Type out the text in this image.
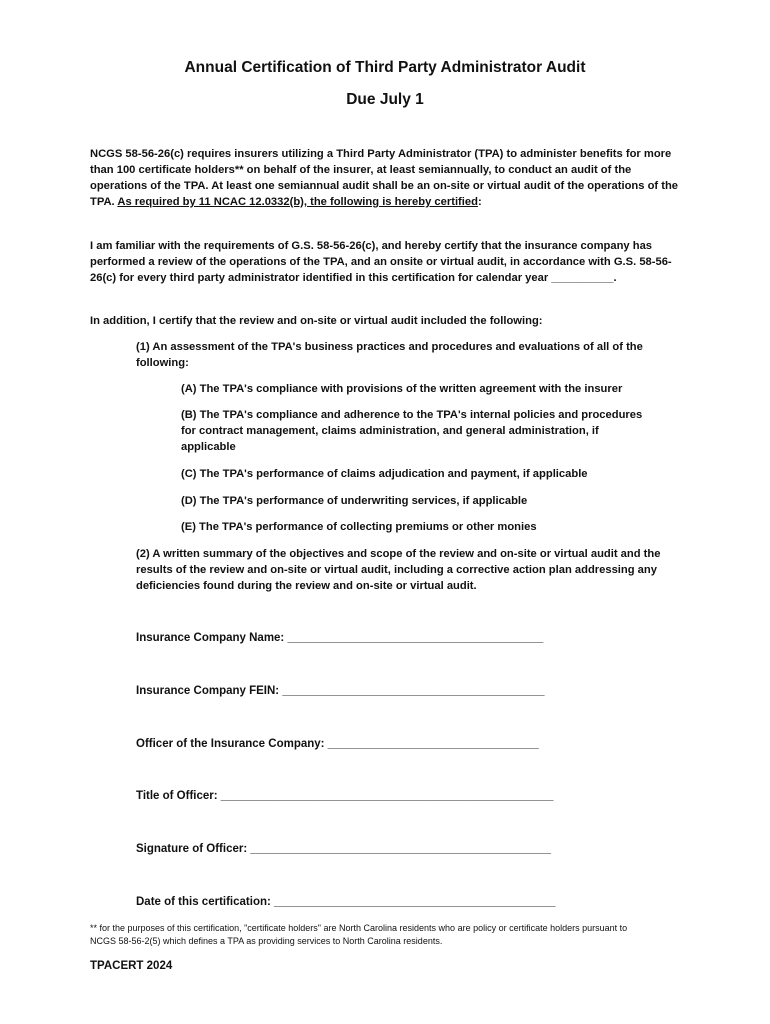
Annual Certification of Third Party Administrator Audit
Due July 1

NCGS 58-56-26(c) requires insurers utilizing a Third Party Administrator (TPA) to administer benefits for more than 100 certificate holders** on behalf of the insurer, at least semiannually, to conduct an audit of the operations of the TPA. At least one semiannual audit shall be an on-site or virtual audit of the operations of the TPA. As required by 11 NCAC 12.0332(b), the following is hereby certified:

I am familiar with the requirements of G.S. 58-56-26(c), and hereby certify that the insurance company has performed a review of the operations of the TPA, and an onsite or virtual audit, in accordance with G.S. 58-56-26(c) for every third party administrator identified in this certification for calendar year __________.

In addition, I certify that the review and on-site or virtual audit included the following:

(1) An assessment of the TPA's business practices and procedures and evaluations of all of the following:

(A) The TPA's compliance with provisions of the written agreement with the insurer

(B) The TPA's compliance and adherence to the TPA's internal policies and procedures for contract management, claims administration, and general administration, if applicable

(C) The TPA's performance of claims adjudication and payment, if applicable

(D) The TPA's performance of underwriting services, if applicable

(E) The TPA's performance of collecting premiums or other monies

(2) A written summary of the objectives and scope of the review and on-site or virtual audit and the results of the review and on-site or virtual audit, including a corrective action plan addressing any deficiencies found during the review and on-site or virtual audit.

Insurance Company Name: ________________________________________
Insurance Company FEIN: _________________________________________
Officer of the Insurance Company: _________________________________
Title of Officer: ____________________________________________________
Signature of Officer: _______________________________________________
Date of this certification: ____________________________________________

** for the purposes of this certification, "certificate holders" are North Carolina residents who are policy or certificate holders pursuant to NCGS 58-56-2(5) which defines a TPA as providing services to North Carolina residents.

TPACERT 2024
